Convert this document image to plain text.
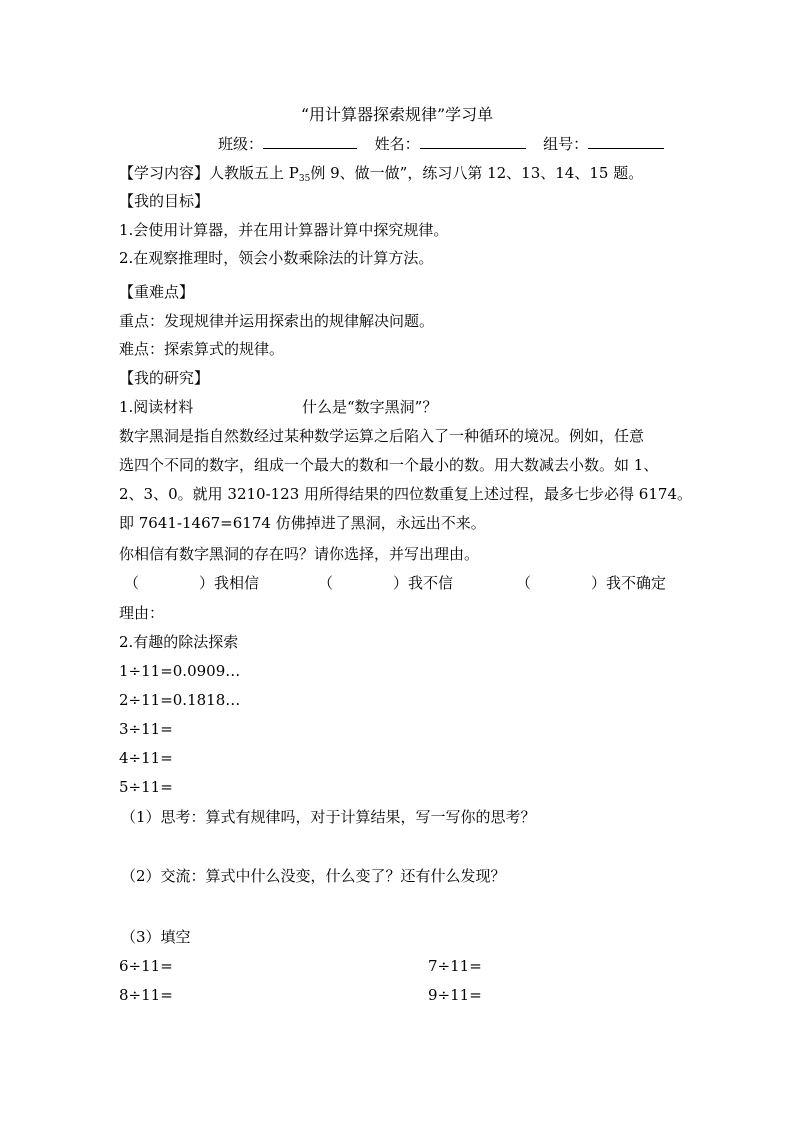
“用计算器探索规律”学习单
班级：	姓名：	组号：
【学习内容】人教版五上 $P_{35}$例 9、做一做”，练习八第 12、13、14、15 题。
【我的目标】
1.会使用计算器，并在用计算器计算中探究规律。
2.在观察推理时，领会小数乘除法的计算方法。
【重难点】
重点：发现规律并运用探索出的规律解决问题。
难点：探索算式的规律。
【我的研究】
1.阅读材料	什么是“数字黑洞”？
数字黑洞是指自然数经过某种数学运算之后陷入了一种循环的境况。例如，任意
选四个不同的数字，组成一个最大的数和一个最小的数。用大数减去小数。如 1、
2、3、0。就用 3210-123 用所得结果的四位数重复上述过程，最多七步必得 6174。
即 7641-1467=6174 仿佛掉进了黑洞，永远出不来。
你相信有数字黑洞的存在吗？请你选择，并写出理由。
（　　　　）我相信	（　　　　）我不信	（　　　　）我不确定
理由：
2.有趣的除法探索
1÷11=0.0909…
2÷11=0.1818…
3÷11=
4÷11=
5÷11=
（1）思考：算式有规律吗，对于计算结果，写一写你的思考？
（2）交流：算式中什么没变，什么变了？还有什么发现？
（3）填空
6÷11=	7÷11=
8÷11=	9÷11=
